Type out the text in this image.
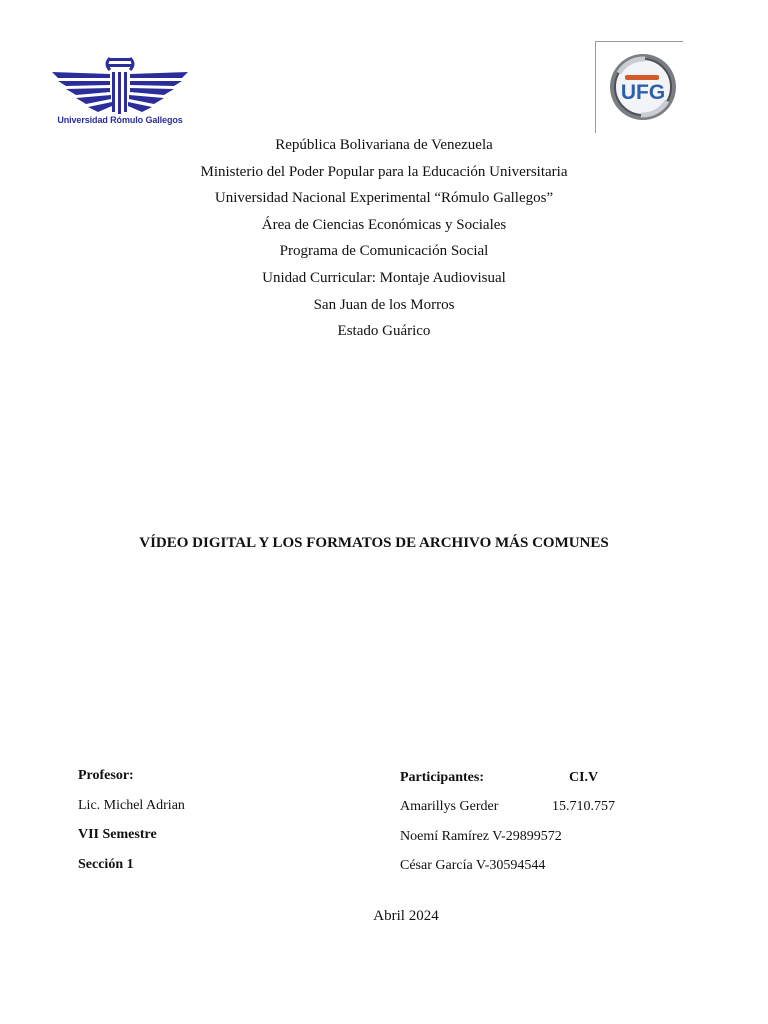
Universidad Rómulo Gallegos
UFG
República Bolivariana de Venezuela
Ministerio del Poder Popular para la Educación Universitaria
Universidad Nacional Experimental “Rómulo Gallegos”
Área de Ciencias Económicas y Sociales
Programa de Comunicación Social
Unidad Curricular: Montaje Audiovisual
San Juan de los Morros
Estado Guárico
VÍDEO DIGITAL Y LOS FORMATOS DE ARCHIVO MÁS COMUNES
Profesor:
Lic. Michel Adrian
VII Semestre
Sección 1
Participantes:	CI.V
Amarillys Gerder	15.710.757
Noemí Ramírez V-29899572
César García V-30594544
Abril 2024
